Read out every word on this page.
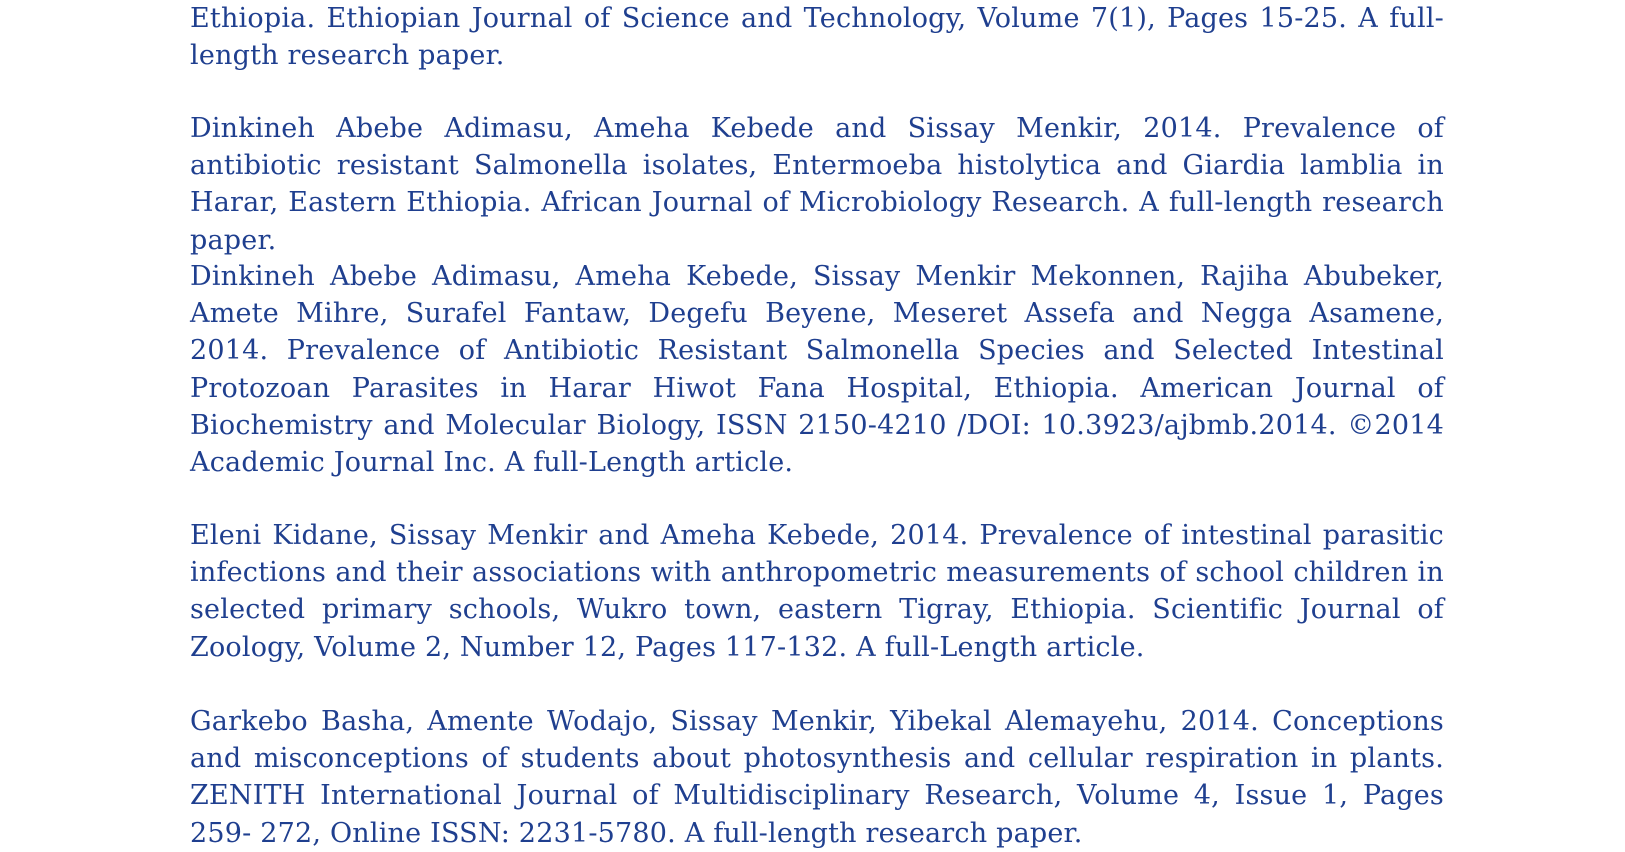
Ethiopia. Ethiopian Journal of Science and Technology, Volume 7(1), Pages 15-25. A full-length research paper.

Dinkineh Abebe Adimasu, Ameha Kebede and Sissay Menkir, 2014. Prevalence of antibiotic resistant Salmonella isolates, Entermoeba histolytica and Giardia lamblia in Harar, Eastern Ethiopia. African Journal of Microbiology Research. A full-length research paper.

Dinkineh Abebe Adimasu, Ameha Kebede, Sissay Menkir Mekonnen, Rajiha Abubeker, Amete Mihre, Surafel Fantaw, Degefu Beyene, Meseret Assefa and Negga Asamene, 2014. Prevalence of Antibiotic Resistant Salmonella Species and Selected Intestinal Protozoan Parasites in Harar Hiwot Fana Hospital, Ethiopia. American Journal of Biochemistry and Molecular Biology, ISSN 2150-4210 /DOI: 10.3923/ajbmb.2014. ©2014 Academic Journal Inc. A full-Length article.

Eleni Kidane, Sissay Menkir and Ameha Kebede, 2014. Prevalence of intestinal parasitic infections and their associations with anthropometric measurements of school children in selected primary schools, Wukro town, eastern Tigray, Ethiopia. Scientific Journal of Zoology, Volume 2, Number 12, Pages 117-132. A full-Length article.

Garkebo Basha, Amente Wodajo, Sissay Menkir, Yibekal Alemayehu, 2014. Conceptions and misconceptions of students about photosynthesis and cellular respiration in plants. ZENITH International Journal of Multidisciplinary Research, Volume 4, Issue 1, Pages 259- 272, Online ISSN: 2231-5780. A full-length research paper.
